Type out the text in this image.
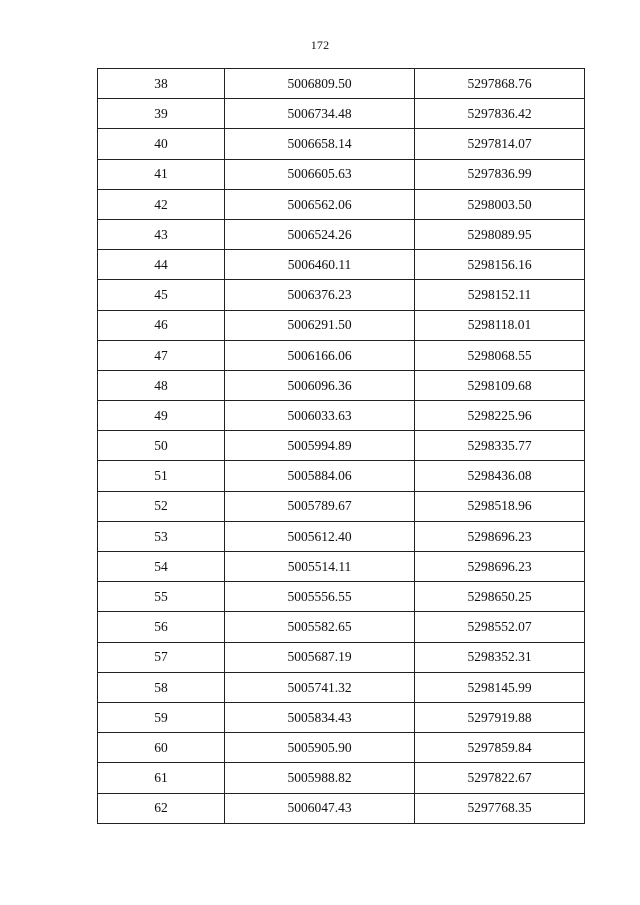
172
38	5006809.50	5297868.76
39	5006734.48	5297836.42
40	5006658.14	5297814.07
41	5006605.63	5297836.99
42	5006562.06	5298003.50
43	5006524.26	5298089.95
44	5006460.11	5298156.16
45	5006376.23	5298152.11
46	5006291.50	5298118.01
47	5006166.06	5298068.55
48	5006096.36	5298109.68
49	5006033.63	5298225.96
50	5005994.89	5298335.77
51	5005884.06	5298436.08
52	5005789.67	5298518.96
53	5005612.40	5298696.23
54	5005514.11	5298696.23
55	5005556.55	5298650.25
56	5005582.65	5298552.07
57	5005687.19	5298352.31
58	5005741.32	5298145.99
59	5005834.43	5297919.88
60	5005905.90	5297859.84
61	5005988.82	5297822.67
62	5006047.43	5297768.35
